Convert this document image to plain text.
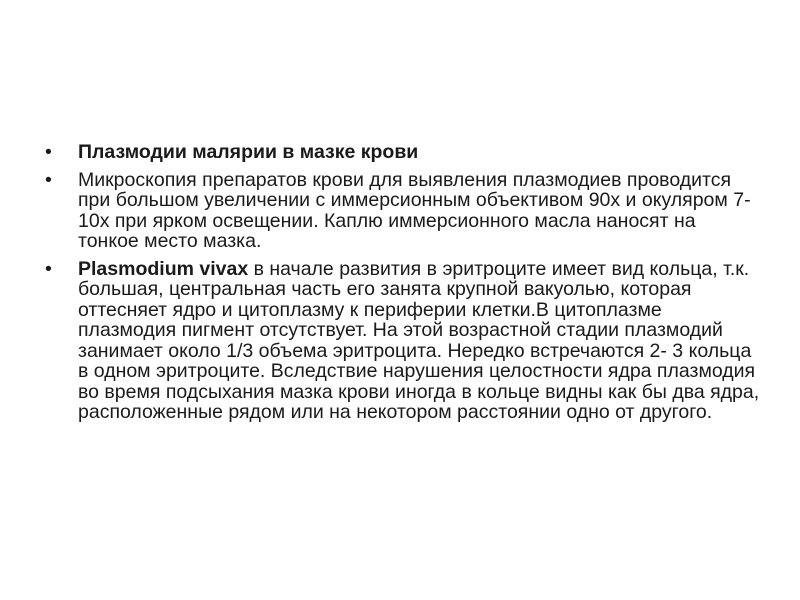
• Плазмодии малярии в мазке крови
• Микроскопия препаратов крови для выявления плазмодиев проводится при большом увеличении с иммерсионным объективом 90х и окуляром 7-10х при ярком освещении. Каплю иммерсионного масла наносят на тонкое место мазка.
• Plasmodium vivax в начале развития в эритроците имеет вид кольца, т.к. большая, центральная часть его занята крупной вакуолью, которая оттесняет ядро и цитоплазму к периферии клетки.В цитоплазме плазмодия пигмент отсутствует. На этой возрастной стадии плазмодий занимает около 1/3 объема эритроцита. Нередко встречаются 2- 3 кольца в одном эритроците. Вследствие нарушения целостности ядра плазмодия во время подсыхания мазка крови иногда в кольце видны как бы два ядра, расположенные рядом или на некотором расстоянии одно от другого.
